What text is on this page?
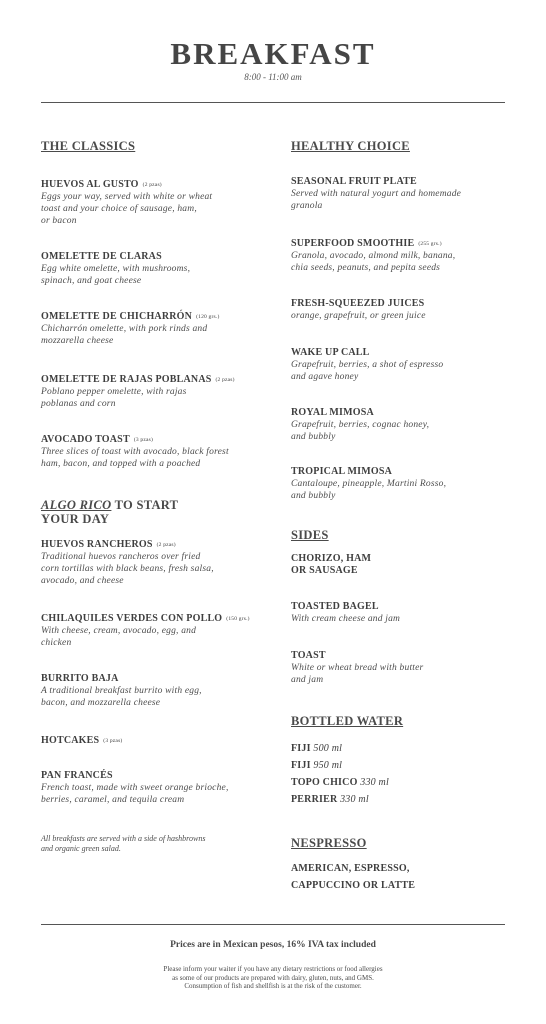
BREAKFAST
8:00 - 11:00 am
THE CLASSICS
HUEVOS AL GUSTO (2 pzas)
Eggs your way, served with white or wheat
toast and your choice of sausage, ham,
or bacon
OMELETTE DE CLARAS
Egg white omelette, with mushrooms,
spinach, and goat cheese
OMELETTE DE CHICHARRÓN (120 grs.)
Chicharrón omelette, with pork rinds and
mozzarella cheese
OMELETTE DE RAJAS POBLANAS (2 pzas)
Poblano pepper omelette, with rajas
poblanas and corn
AVOCADO TOAST (3 pzas)
Three slices of toast with avocado, black forest
ham, bacon, and topped with a poached
ALGO RICO TO START
YOUR DAY
HUEVOS RANCHEROS (2 pzas)
Traditional huevos rancheros over fried
corn tortillas with black beans, fresh salsa,
avocado, and cheese
CHILAQUILES VERDES CON POLLO (150 grs.)
With cheese, cream, avocado, egg, and
chicken
BURRITO BAJA
A traditional breakfast burrito with egg,
bacon, and mozzarella cheese
HOTCAKES (3 pzas)
PAN FRANCÉS
French toast, made with sweet orange brioche,
berries, caramel, and tequila cream
All breakfasts are served with a side of hashbrowns
and organic green salad.
HEALTHY CHOICE
SEASONAL FRUIT PLATE
Served with natural yogurt and homemade
granola
SUPERFOOD SMOOTHIE (255 grs.)
Granola, avocado, almond milk, banana,
chia seeds, peanuts, and pepita seeds
FRESH-SQUEEZED JUICES
orange, grapefruit, or green juice
WAKE UP CALL
Grapefruit, berries, a shot of espresso
and agave honey
ROYAL MIMOSA
Grapefruit, berries, cognac honey,
and bubbly
TROPICAL MIMOSA
Cantaloupe, pineapple, Martini Rosso,
and bubbly
SIDES
CHORIZO, HAM
OR SAUSAGE
TOASTED BAGEL
With cream cheese and jam
TOAST
White or wheat bread with butter
and jam
BOTTLED WATER
FIJI 500 ml
FIJI 950 ml
TOPO CHICO 330 ml
PERRIER 330 ml
NESPRESSO
AMERICAN, ESPRESSO,
CAPPUCCINO OR LATTE
Prices are in Mexican pesos, 16% IVA tax included
Please inform your waiter if you have any dietary restrictions or food allergies
as some of our products are prepared with dairy, gluten, nuts, and GMS.
Consumption of fish and shellfish is at the risk of the customer.
